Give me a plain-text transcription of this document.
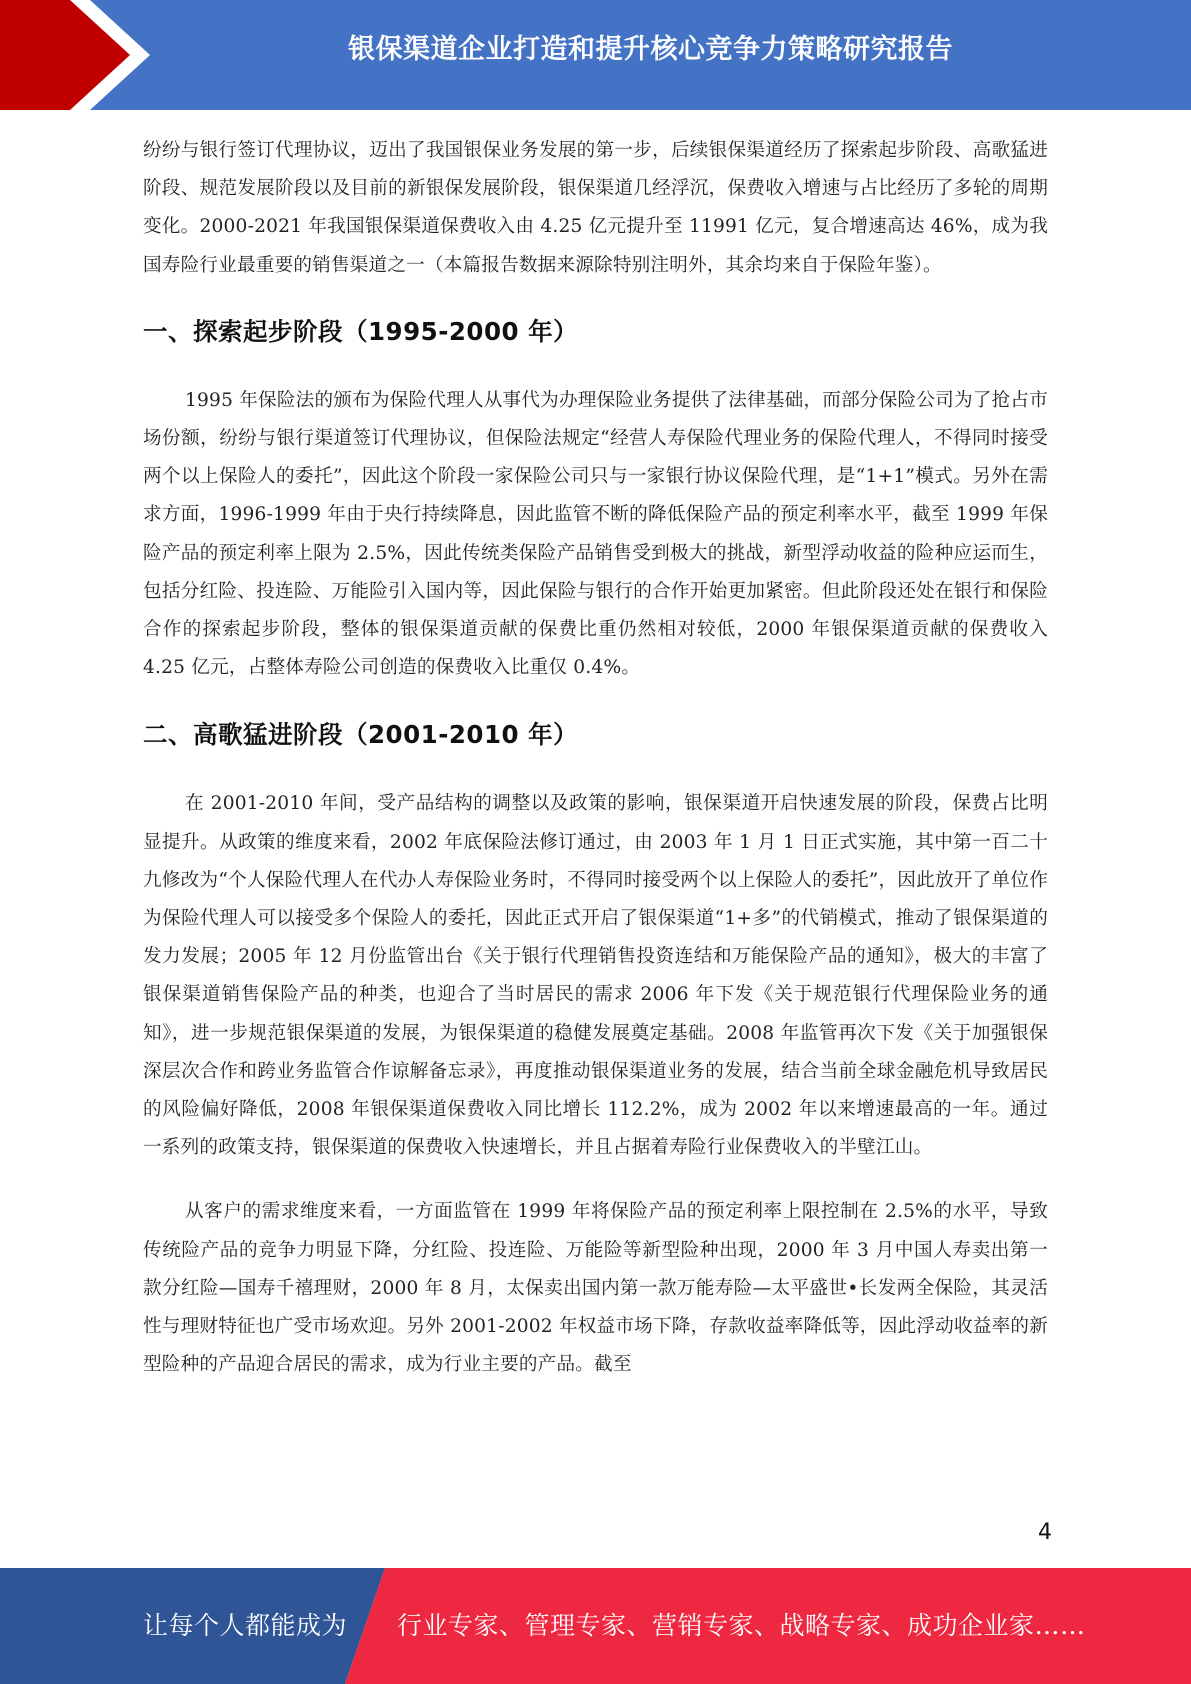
银保渠道企业打造和提升核心竞争力策略研究报告

纷纷与银行签订代理协议，迈出了我国银保业务发展的第一步，后续银保渠道经历了探索起步阶段、高歌猛进阶段、规范发展阶段以及目前的新银保发展阶段，银保渠道几经浮沉，保费收入增速与占比经历了多轮的周期变化。2000-2021 年我国银保渠道保费收入由 4.25 亿元提升至 11991 亿元，复合增速高达 46%，成为我国寿险行业最重要的销售渠道之一（本篇报告数据来源除特别注明外，其余均来自于保险年鉴）。

一、探索起步阶段（1995-2000 年）

1995 年保险法的颁布为保险代理人从事代为办理保险业务提供了法律基础，而部分保险公司为了抢占市场份额，纷纷与银行渠道签订代理协议，但保险法规定“经营人寿保险代理业务的保险代理人，不得同时接受两个以上保险人的委托”，因此这个阶段一家保险公司只与一家银行协议保险代理，是“1+1”模式。另外在需求方面，1996-1999 年由于央行持续降息，因此监管不断的降低保险产品的预定利率水平，截至 1999 年保险产品的预定利率上限为 2.5%，因此传统类保险产品销售受到极大的挑战，新型浮动收益的险种应运而生，包括分红险、投连险、万能险引入国内等，因此保险与银行的合作开始更加紧密。但此阶段还处在银行和保险合作的探索起步阶段，整体的银保渠道贡献的保费比重仍然相对较低，2000 年银保渠道贡献的保费收入 4.25 亿元，占整体寿险公司创造的保费收入比重仅 0.4%。

二、高歌猛进阶段（2001-2010 年）

在 2001-2010 年间，受产品结构的调整以及政策的影响，银保渠道开启快速发展的阶段，保费占比明显提升。从政策的维度来看，2002 年底保险法修订通过，由 2003 年 1 月 1 日正式实施，其中第一百二十九修改为“个人保险代理人在代办人寿保险业务时，不得同时接受两个以上保险人的委托”，因此放开了单位作为保险代理人可以接受多个保险人的委托，因此正式开启了银保渠道“1+多”的代销模式，推动了银保渠道的发力发展；2005 年 12 月份监管出台《关于银行代理销售投资连结和万能保险产品的通知》，极大的丰富了银保渠道销售保险产品的种类，也迎合了当时居民的需求 2006 年下发《关于规范银行代理保险业务的通知》，进一步规范银保渠道的发展，为银保渠道的稳健发展奠定基础。2008 年监管再次下发《关于加强银保深层次合作和跨业务监管合作谅解备忘录》，再度推动银保渠道业务的发展，结合当前全球金融危机导致居民的风险偏好降低，2008 年银保渠道保费收入同比增长 112.2%，成为 2002 年以来增速最高的一年。通过一系列的政策支持，银保渠道的保费收入快速增长，并且占据着寿险行业保费收入的半壁江山。

从客户的需求维度来看，一方面监管在 1999 年将保险产品的预定利率上限控制在 2.5%的水平，导致传统险产品的竞争力明显下降，分红险、投连险、万能险等新型险种出现，2000 年 3 月中国人寿卖出第一款分红险—国寿千禧理财，2000 年 8 月，太保卖出国内第一款万能寿险—太平盛世•长发两全保险，其灵活性与理财特征也广受市场欢迎。另外 2001-2002 年权益市场下降，存款收益率降低等，因此浮动收益率的新型险种的产品迎合居民的需求，成为行业主要的产品。截至

4
让每个人都能成为 行业专家、管理专家、营销专家、战略专家、成功企业家……
